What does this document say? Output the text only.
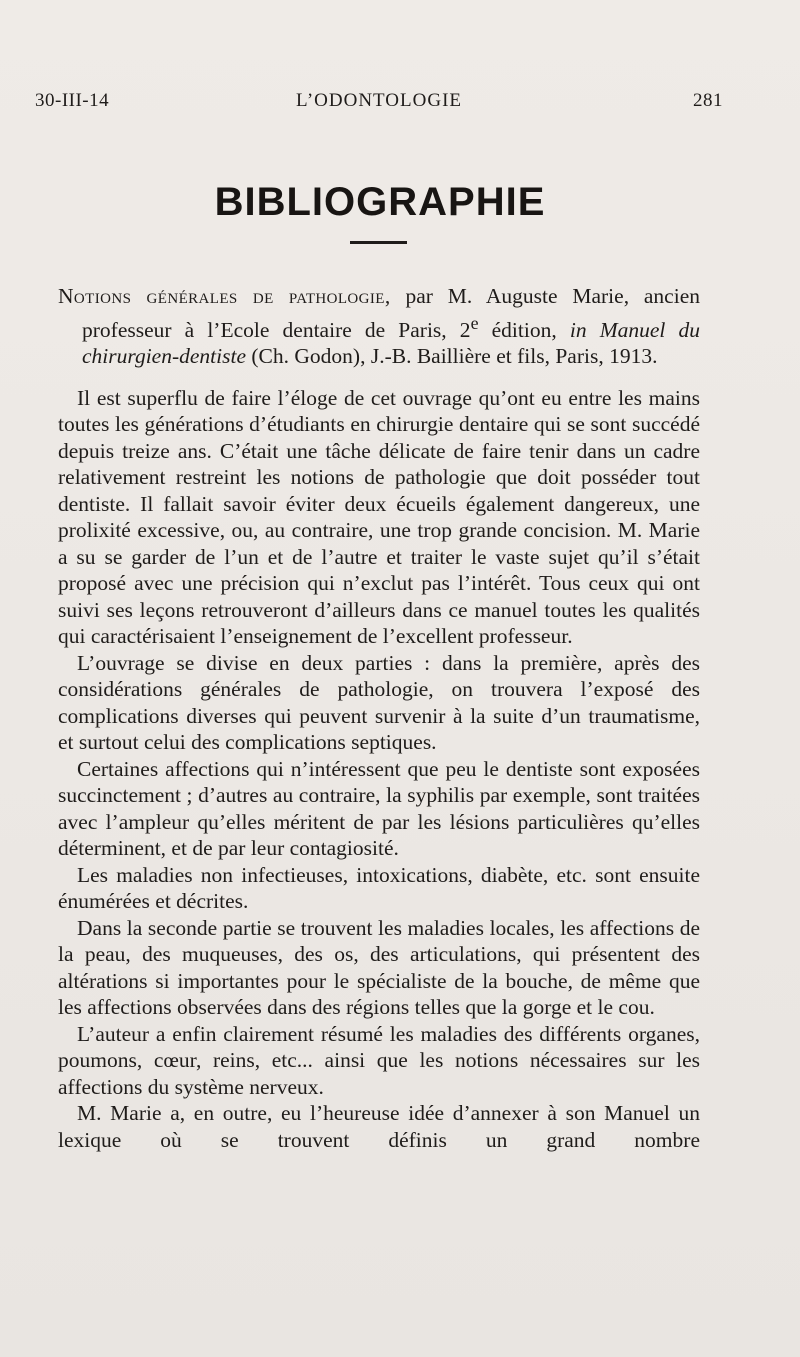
30-III-14	L’ODONTOLOGIE	281
BIBLIOGRAPHIE

Notions générales de pathologie, par M. Auguste Marie, ancien professeur à l’Ecole dentaire de Paris, 2e édition, in Manuel du chirurgien-dentiste (Ch. Godon), J.-B. Baillière et fils, Paris, 1913.

Il est superflu de faire l’éloge de cet ouvrage qu’ont eu entre les mains toutes les générations d’étudiants en chirurgie dentaire qui se sont succédé depuis treize ans. C’était une tâche délicate de faire tenir dans un cadre relativement restreint les notions de pathologie que doit posséder tout dentiste. Il fallait savoir éviter deux écueils également dangereux, une prolixité excessive, ou, au contraire, une trop grande concision. M. Marie a su se garder de l’un et de l’autre et traiter le vaste sujet qu’il s’était proposé avec une précision qui n’exclut pas l’intérêt. Tous ceux qui ont suivi ses leçons retrouveront d’ailleurs dans ce manuel toutes les qualités qui caractérisaient l’enseignement de l’excellent professeur.

L’ouvrage se divise en deux parties : dans la première, après des considérations générales de pathologie, on trouvera l’exposé des complications diverses qui peuvent survenir à la suite d’un traumatisme, et surtout celui des complications septiques.

Certaines affections qui n’intéressent que peu le dentiste sont exposées succinctement ; d’autres au contraire, la syphilis par exemple, sont traitées avec l’ampleur qu’elles méritent de par les lésions particulières qu’elles déterminent, et de par leur contagiosité.

Les maladies non infectieuses, intoxications, diabète, etc. sont ensuite énumérées et décrites.

Dans la seconde partie se trouvent les maladies locales, les affections de la peau, des muqueuses, des os, des articulations, qui présentent des altérations si importantes pour le spécialiste de la bouche, de même que les affections observées dans des régions telles que la gorge et le cou.

L’auteur a enfin clairement résumé les maladies des différents organes, poumons, cœur, reins, etc... ainsi que les notions nécessaires sur les affections du système nerveux.

M. Marie a, en outre, eu l’heureuse idée d’annexer à son Manuel un lexique où se trouvent définis un grand nombre
